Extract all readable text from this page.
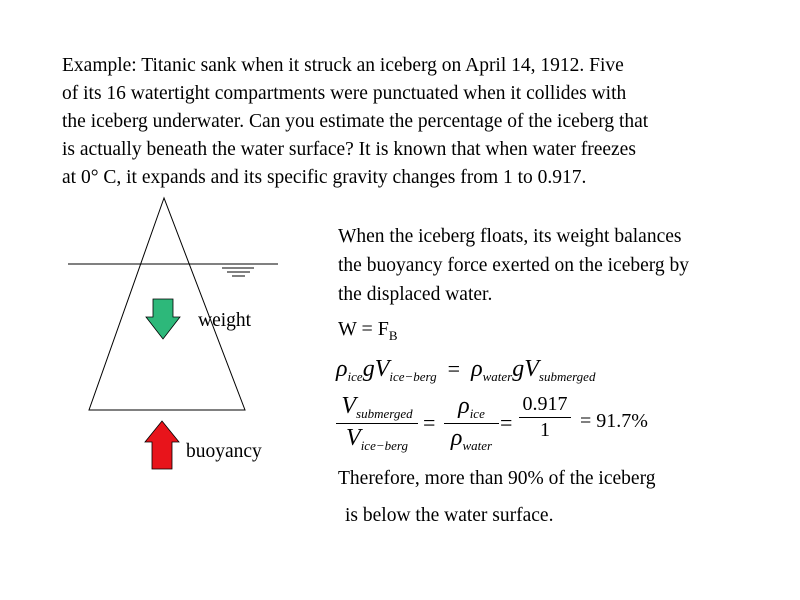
Example: Titanic sank when it struck an iceberg on April 14, 1912. Five
of its 16 watertight compartments were punctuated when it collides with
the iceberg underwater. Can you estimate the percentage of the iceberg that
is actually beneath the water surface? It is known that when water freezes
at 0° C, it expands and its specific gravity changes from 1 to 0.917.
weight
buoyancy
When the iceberg floats, its weight balances
the buoyancy force exerted on the iceberg by
the displaced water.
$W = F_B$
$\rho_{ice}gV_{ice-berg} = \rho_{water}gV_{submerged}$
$V_{submerged}$
$V_{ice-berg}$
=
$\rho_{ice}$
$\rho_{water}$
=
0.917
1	= 91.7%
Therefore, more than 90% of the iceberg
is below the water surface.
